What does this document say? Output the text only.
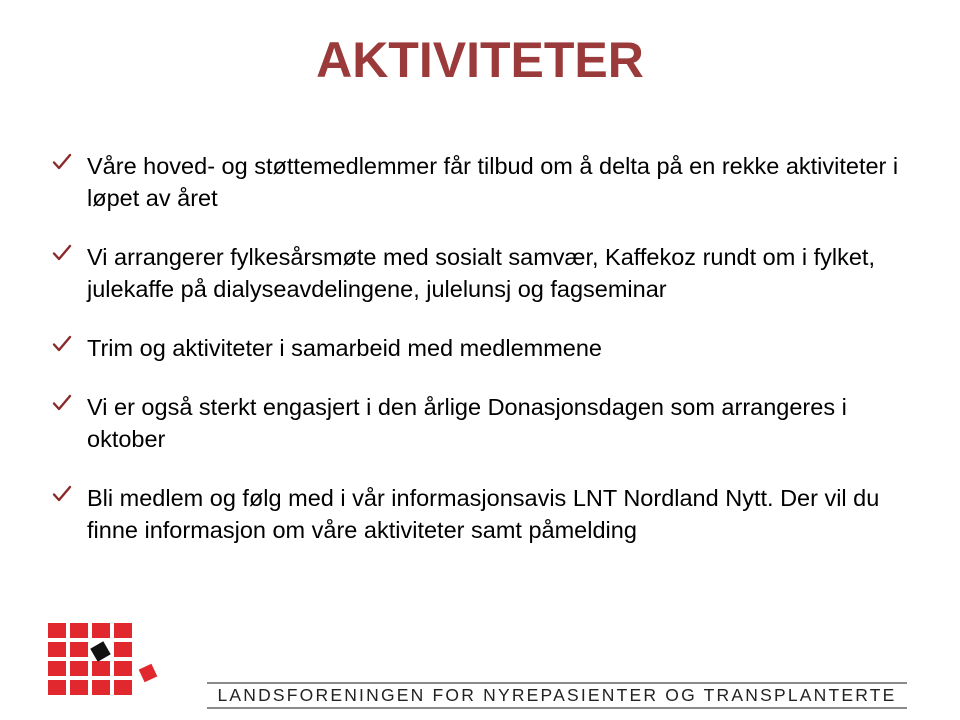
AKTIVITETER
Våre hoved- og støttemedlemmer får tilbud om å delta på en rekke aktiviteter i løpet av året
Vi arrangerer fylkesårsmøte med sosialt samvær, Kaffekoz rundt om i fylket, julekaffe på dialyseavdelingene, julelunsj og fagseminar
Trim og aktiviteter i samarbeid med medlemmene
Vi er også sterkt engasjert i den årlige Donasjonsdagen som arrangeres i oktober
Bli medlem og følg med i vår informasjonsavis LNT Nordland Nytt. Der vil du finne informasjon om våre aktiviteter samt påmelding
LANDSFORENINGEN FOR NYREPASIENTER OG TRANSPLANTERTE
